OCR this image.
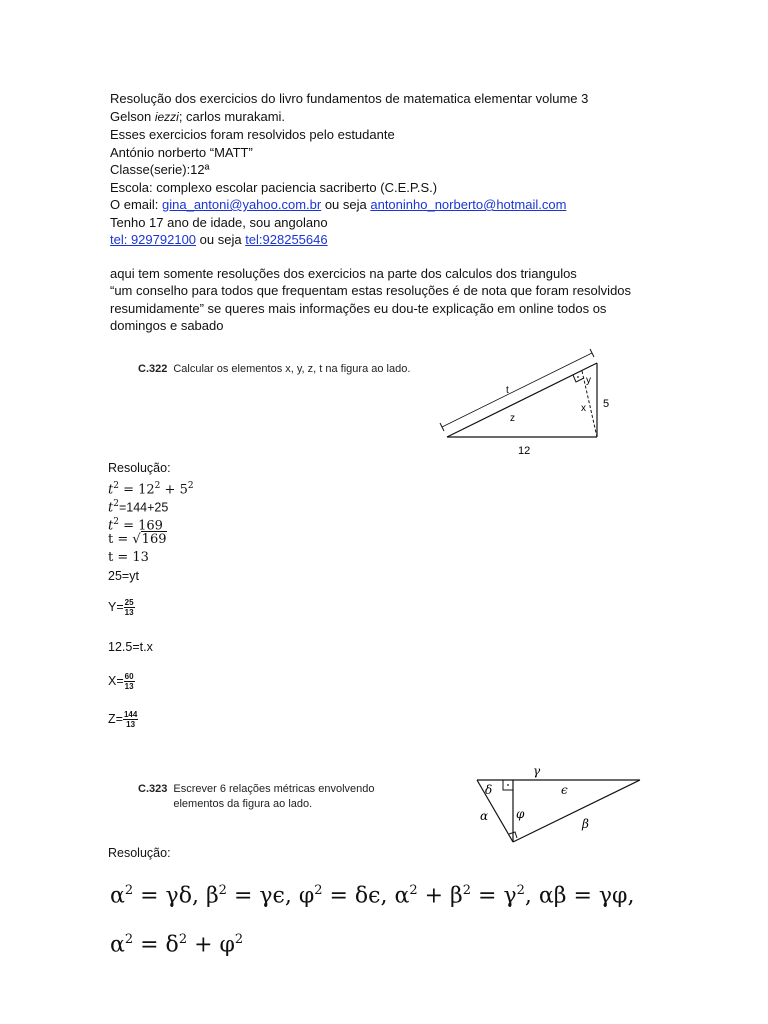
Resolução dos exercicios do livro fundamentos de matematica elementar volume 3
Gelson iezzi; carlos murakami.
Esses exercicios foram resolvidos pelo estudante
António norberto “MATT”
Classe(serie):12ª
Escola: complexo escolar paciencia sacriberto (C.E.P.S.)
O email: gina_antoni@yahoo.com.br ou seja antoninho_norberto@hotmail.com
Tenho 17 ano de idade, sou angolano
tel: 929792100 ou seja tel:928255646
aqui tem somente resoluções dos exercicios na parte dos calculos dos triangulos
“um conselho para todos que frequentam estas resoluções é de nota que foram resolvidos
resumidamente” se queres mais informações eu dou-te explicação em online todos os
domingos e sabado
C.322 Calcular os elementos x, y, z, t na figura ao lado.
t
y
x
z
5
12
Resolução:
$t^2 = 12^2 + 5^2$
$t^2=144+25$
$t^2 = 169$
t = √169
t = 13
25=yt
$Y= \frac{25}{13}$
12.5=t.x
$X= \frac{60}{13}$
$Z= \frac{144}{13}$
C.323 Escrever 6 relações métricas envolvendo elementos da figura ao lado.
γ
δ	ϵ
φ
α
β
Resolução:
$\alpha^2 = \gamma\delta$, $\beta^2 = \gamma\epsilon$, $\varphi^2 = \delta\epsilon$, $\alpha^2 + \beta^2 = \gamma^2$, αβ = γφ,
$\alpha^2 = \delta^2 + \varphi^2$
